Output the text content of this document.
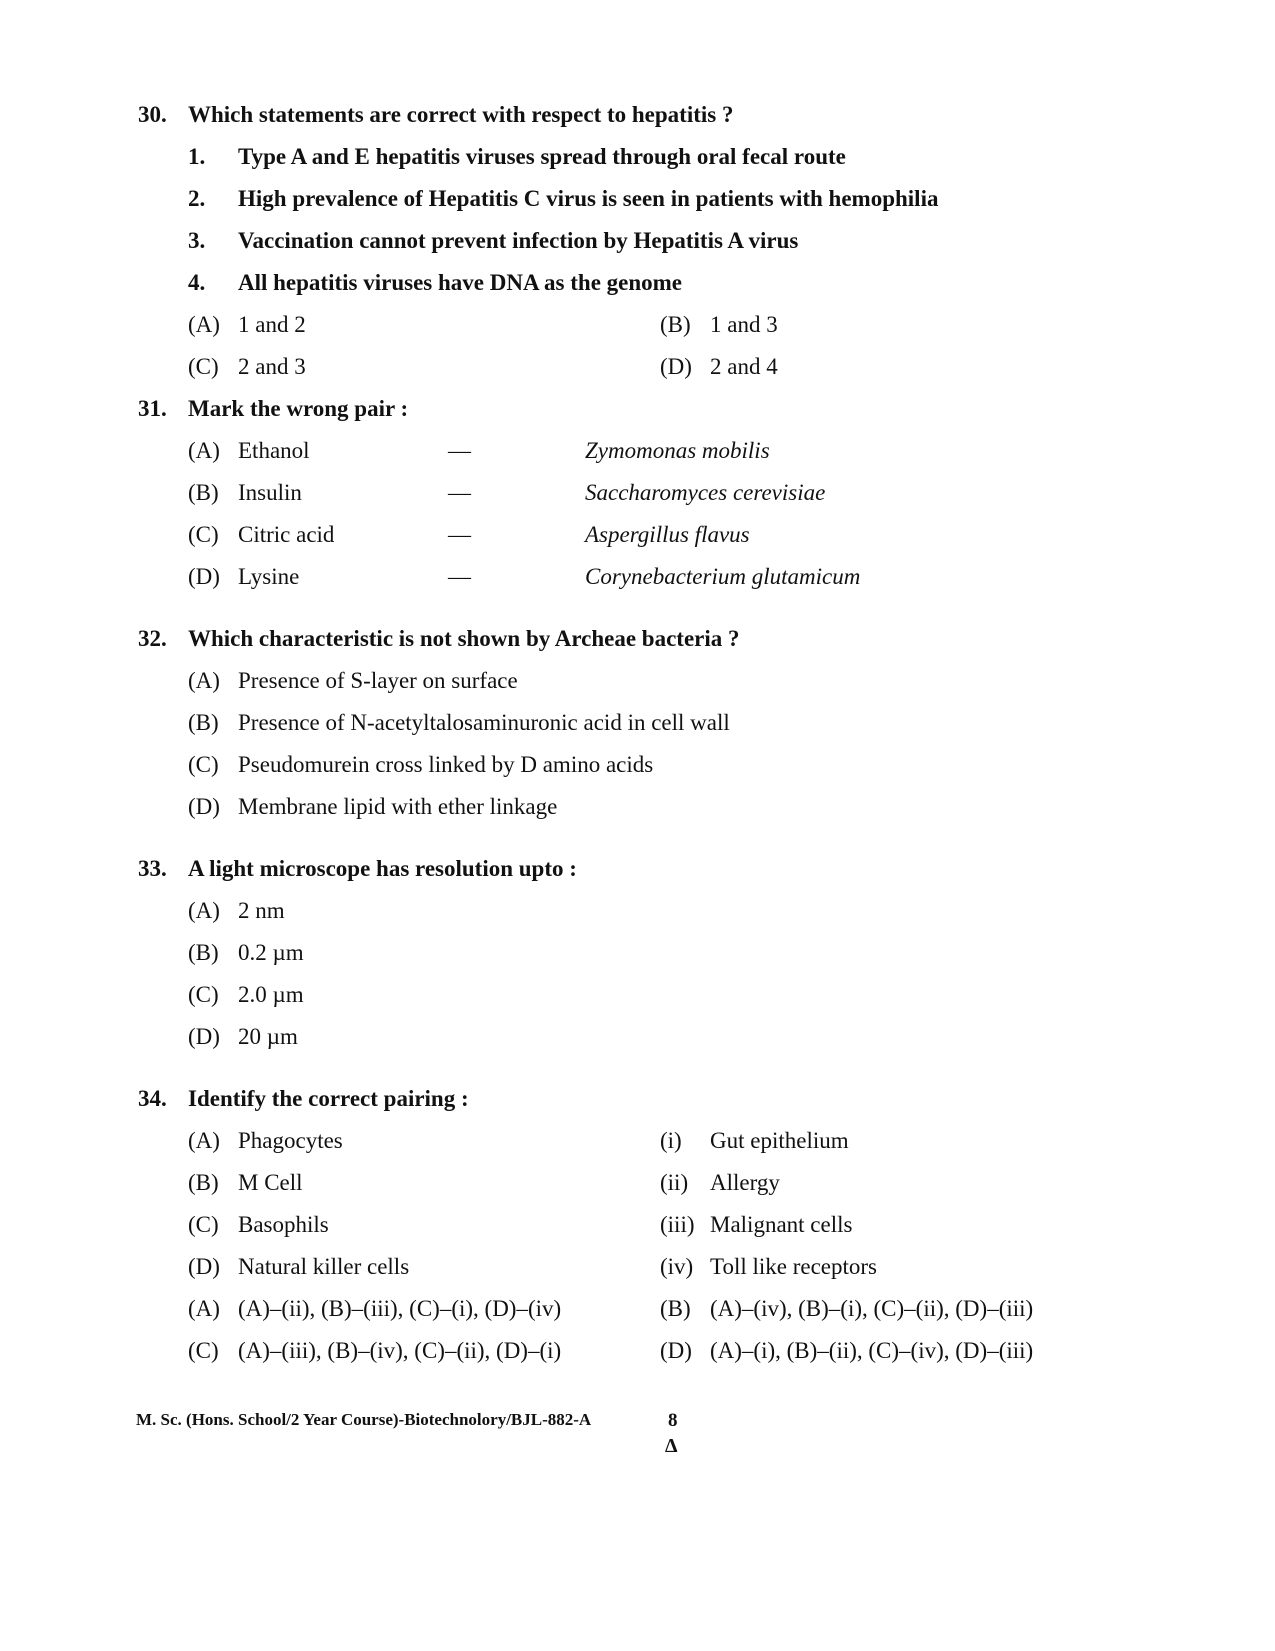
30. Which statements are correct with respect to hepatitis ?
1. Type A and E hepatitis viruses spread through oral fecal route
2. High prevalence of Hepatitis C virus is seen in patients with hemophilia
3. Vaccination cannot prevent infection by Hepatitis A virus
4. All hepatitis viruses have DNA as the genome
(A) 1 and 2	(B) 1 and 3
(C) 2 and 3	(D) 2 and 4
31. Mark the wrong pair :
(A) Ethanol	—	Zymomonas mobilis
(B) Insulin	—	Saccharomyces cerevisiae
(C) Citric acid	—	Aspergillus flavus
(D) Lysine	—	Corynebacterium glutamicum
32. Which characteristic is not shown by Archeae bacteria ?
(A) Presence of S-layer on surface
(B) Presence of N-acetyltalosaminuronic acid in cell wall
(C) Pseudomurein cross linked by D amino acids
(D) Membrane lipid with ether linkage
33. A light microscope has resolution upto :
(A) 2 nm
(B) 0.2 µm
(C) 2.0 µm
(D) 20 µm
34. Identify the correct pairing :
(A) Phagocytes	(i) Gut epithelium
(B) M Cell	(ii) Allergy
(C) Basophils	(iii) Malignant cells
(D) Natural killer cells	(iv) Toll like receptors
(A) (A)–(ii), (B)–(iii), (C)–(i), (D)–(iv)	(B) (A)–(iv), (B)–(i), (C)–(ii), (D)–(iii)
(C) (A)–(iii), (B)–(iv), (C)–(ii), (D)–(i)	(D) (A)–(i), (B)–(ii), (C)–(iv), (D)–(iii)
M. Sc. (Hons. School/2 Year Course)-Biotechnolory/BJL-882-A	8
Δ
